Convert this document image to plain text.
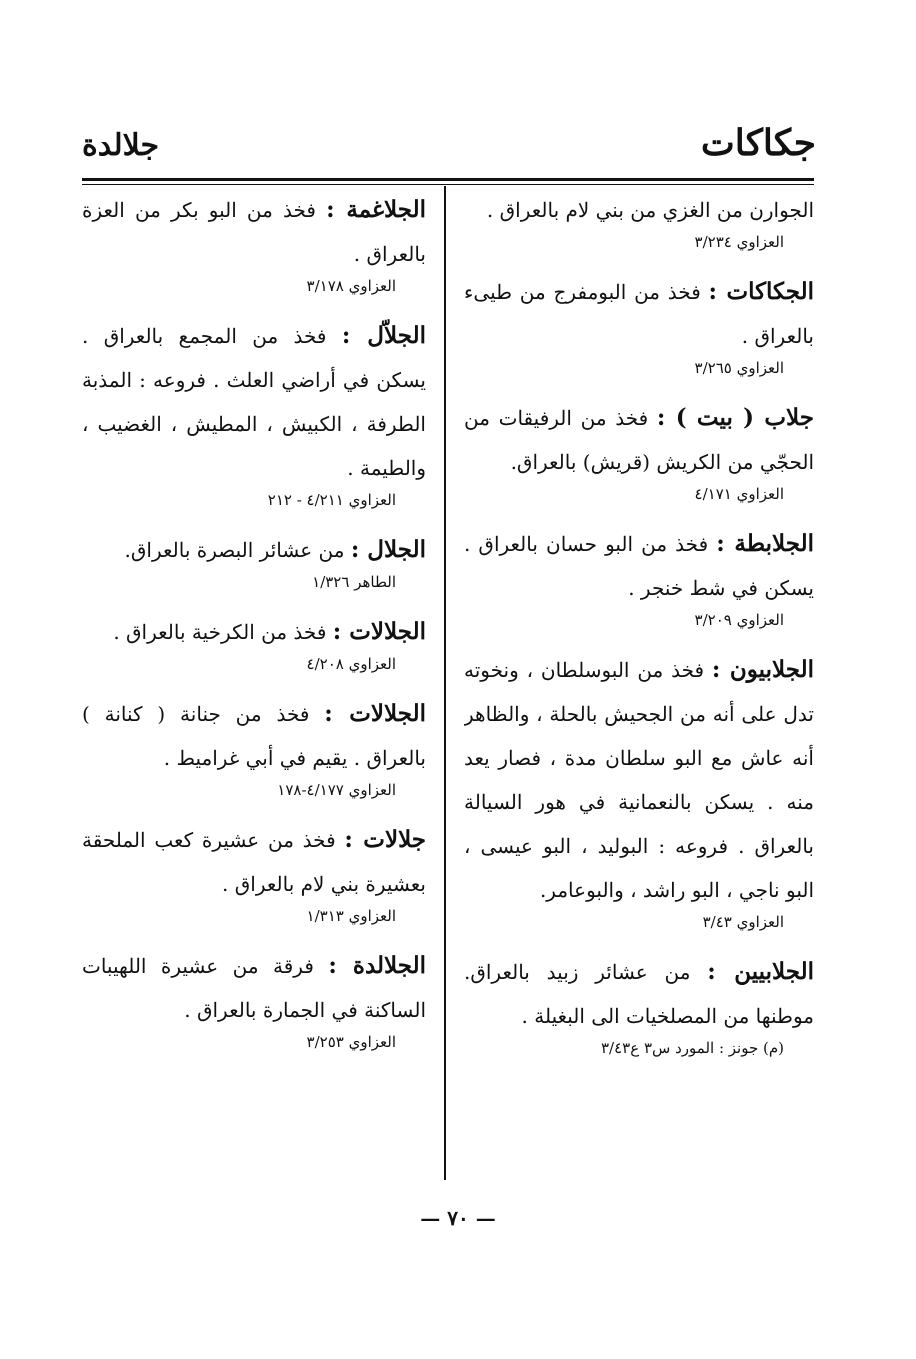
جكاكات
جلالدة
الجوارن من الغزي من بني لام بالعراق .
العزاوي ٣/٢٣٤
الجكاكات : فخذ من البومفرج من طيىء بالعراق .
العزاوي ٣/٢٦٥
جلاب ( بيت ) : فخذ من الرفيقات من الحجّي من الكريش (قريش) بالعراق.
العزاوي ٤/١٧١
الجلابطة : فخذ من البو حسان بالعراق . يسكن في شط خنجر .
العزاوي ٣/٢٠٩
الجلابيون : فخذ من البوسلطان ، ونخوته تدل على أنه من الجحيش بالحلة ، والظاهر أنه عاش مع البو سلطان مدة ، فصار يعد منه . يسكن بالنعمانية في هور السيالة بالعراق . فروعه : البوليد ، البو عيسى ، البو ناجي ، البو راشد ، والبوعامر.
العزاوي ٣/٤٣
الجلابيين : من عشائر زبيد بالعراق. موطنها من المصلخيات الى البغيلة .
(م) جونز : المورد س٣ ع٣/٤٣
الجلاغمة : فخذ من البو بكر من العزة بالعراق .
العزاوي ٣/١٧٨
الجلاّل : فخذ من المجمع بالعراق . يسكن في أراضي العلث . فروعه : المذبة الطرفة ، الكبيش ، المطيش ، الغضيب ، والطيمة .
العزاوي ٤/٢١١ - ٢١٢
الجلال : من عشائر البصرة بالعراق.
الطاهر ١/٣٢٦
الجلالات : فخذ من الكرخية بالعراق .
العزاوي ٤/٢٠٨
الجلالات : فخذ من جنانة ( كنانة ) بالعراق . يقيم في أبي غراميط .
العزاوي ٤/١٧٧-١٧٨
جلالات : فخذ من عشيرة كعب الملحقة بعشيرة بني لام بالعراق .
العزاوي ١/٣١٣
الجلالدة : فرقة من عشيرة اللهيبات الساكنة في الجمارة بالعراق .
العزاوي ٣/٢٥٣
— ٧٠ —
